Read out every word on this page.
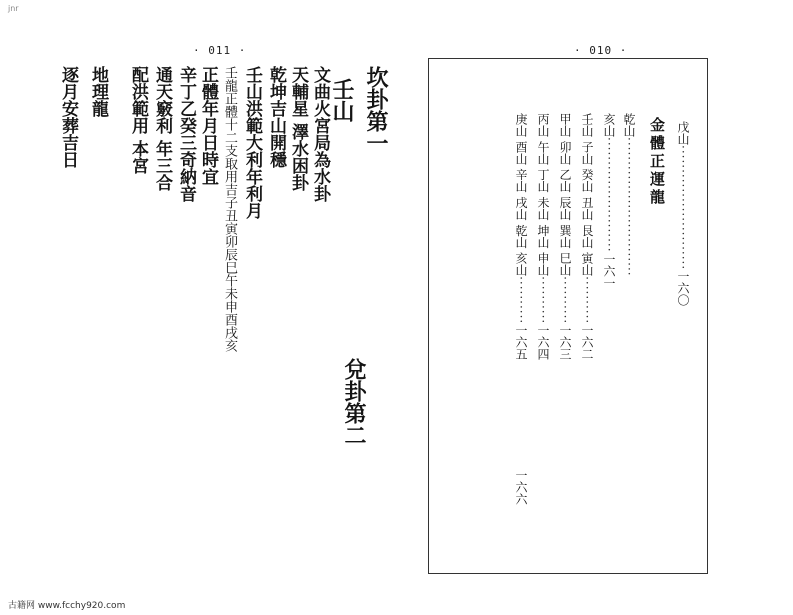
jnr
· 011 ·	· 010 ·
坎卦第一
兌卦第二
壬山
文曲火宮局為水卦
天輔星 澤水困卦
乾坤吉山開穩
壬山洪範大利年利月
壬龍正體十二支取用吉子丑寅卯辰巳午未申酉戌亥
正體年月日時宜
辛丁乙癸三奇納音
通天竅利 年三合
配洪範用 本宮
地理龍
逐月安葬吉日	金體正運龍 戊山··························一六〇
乾山·····························
亥山························一六一
壬山 子山 癸山 丑山 艮山 寅山··········一六二
甲山 卯山 乙山 辰山 巽山 巳山··········一六三
丙山 午山 丁山 未山 坤山 申山··········一六四
庚山 酉山 辛山 戌山 乾山 亥山··········一六五
一六六
古籍网 www.fcchy920.com
